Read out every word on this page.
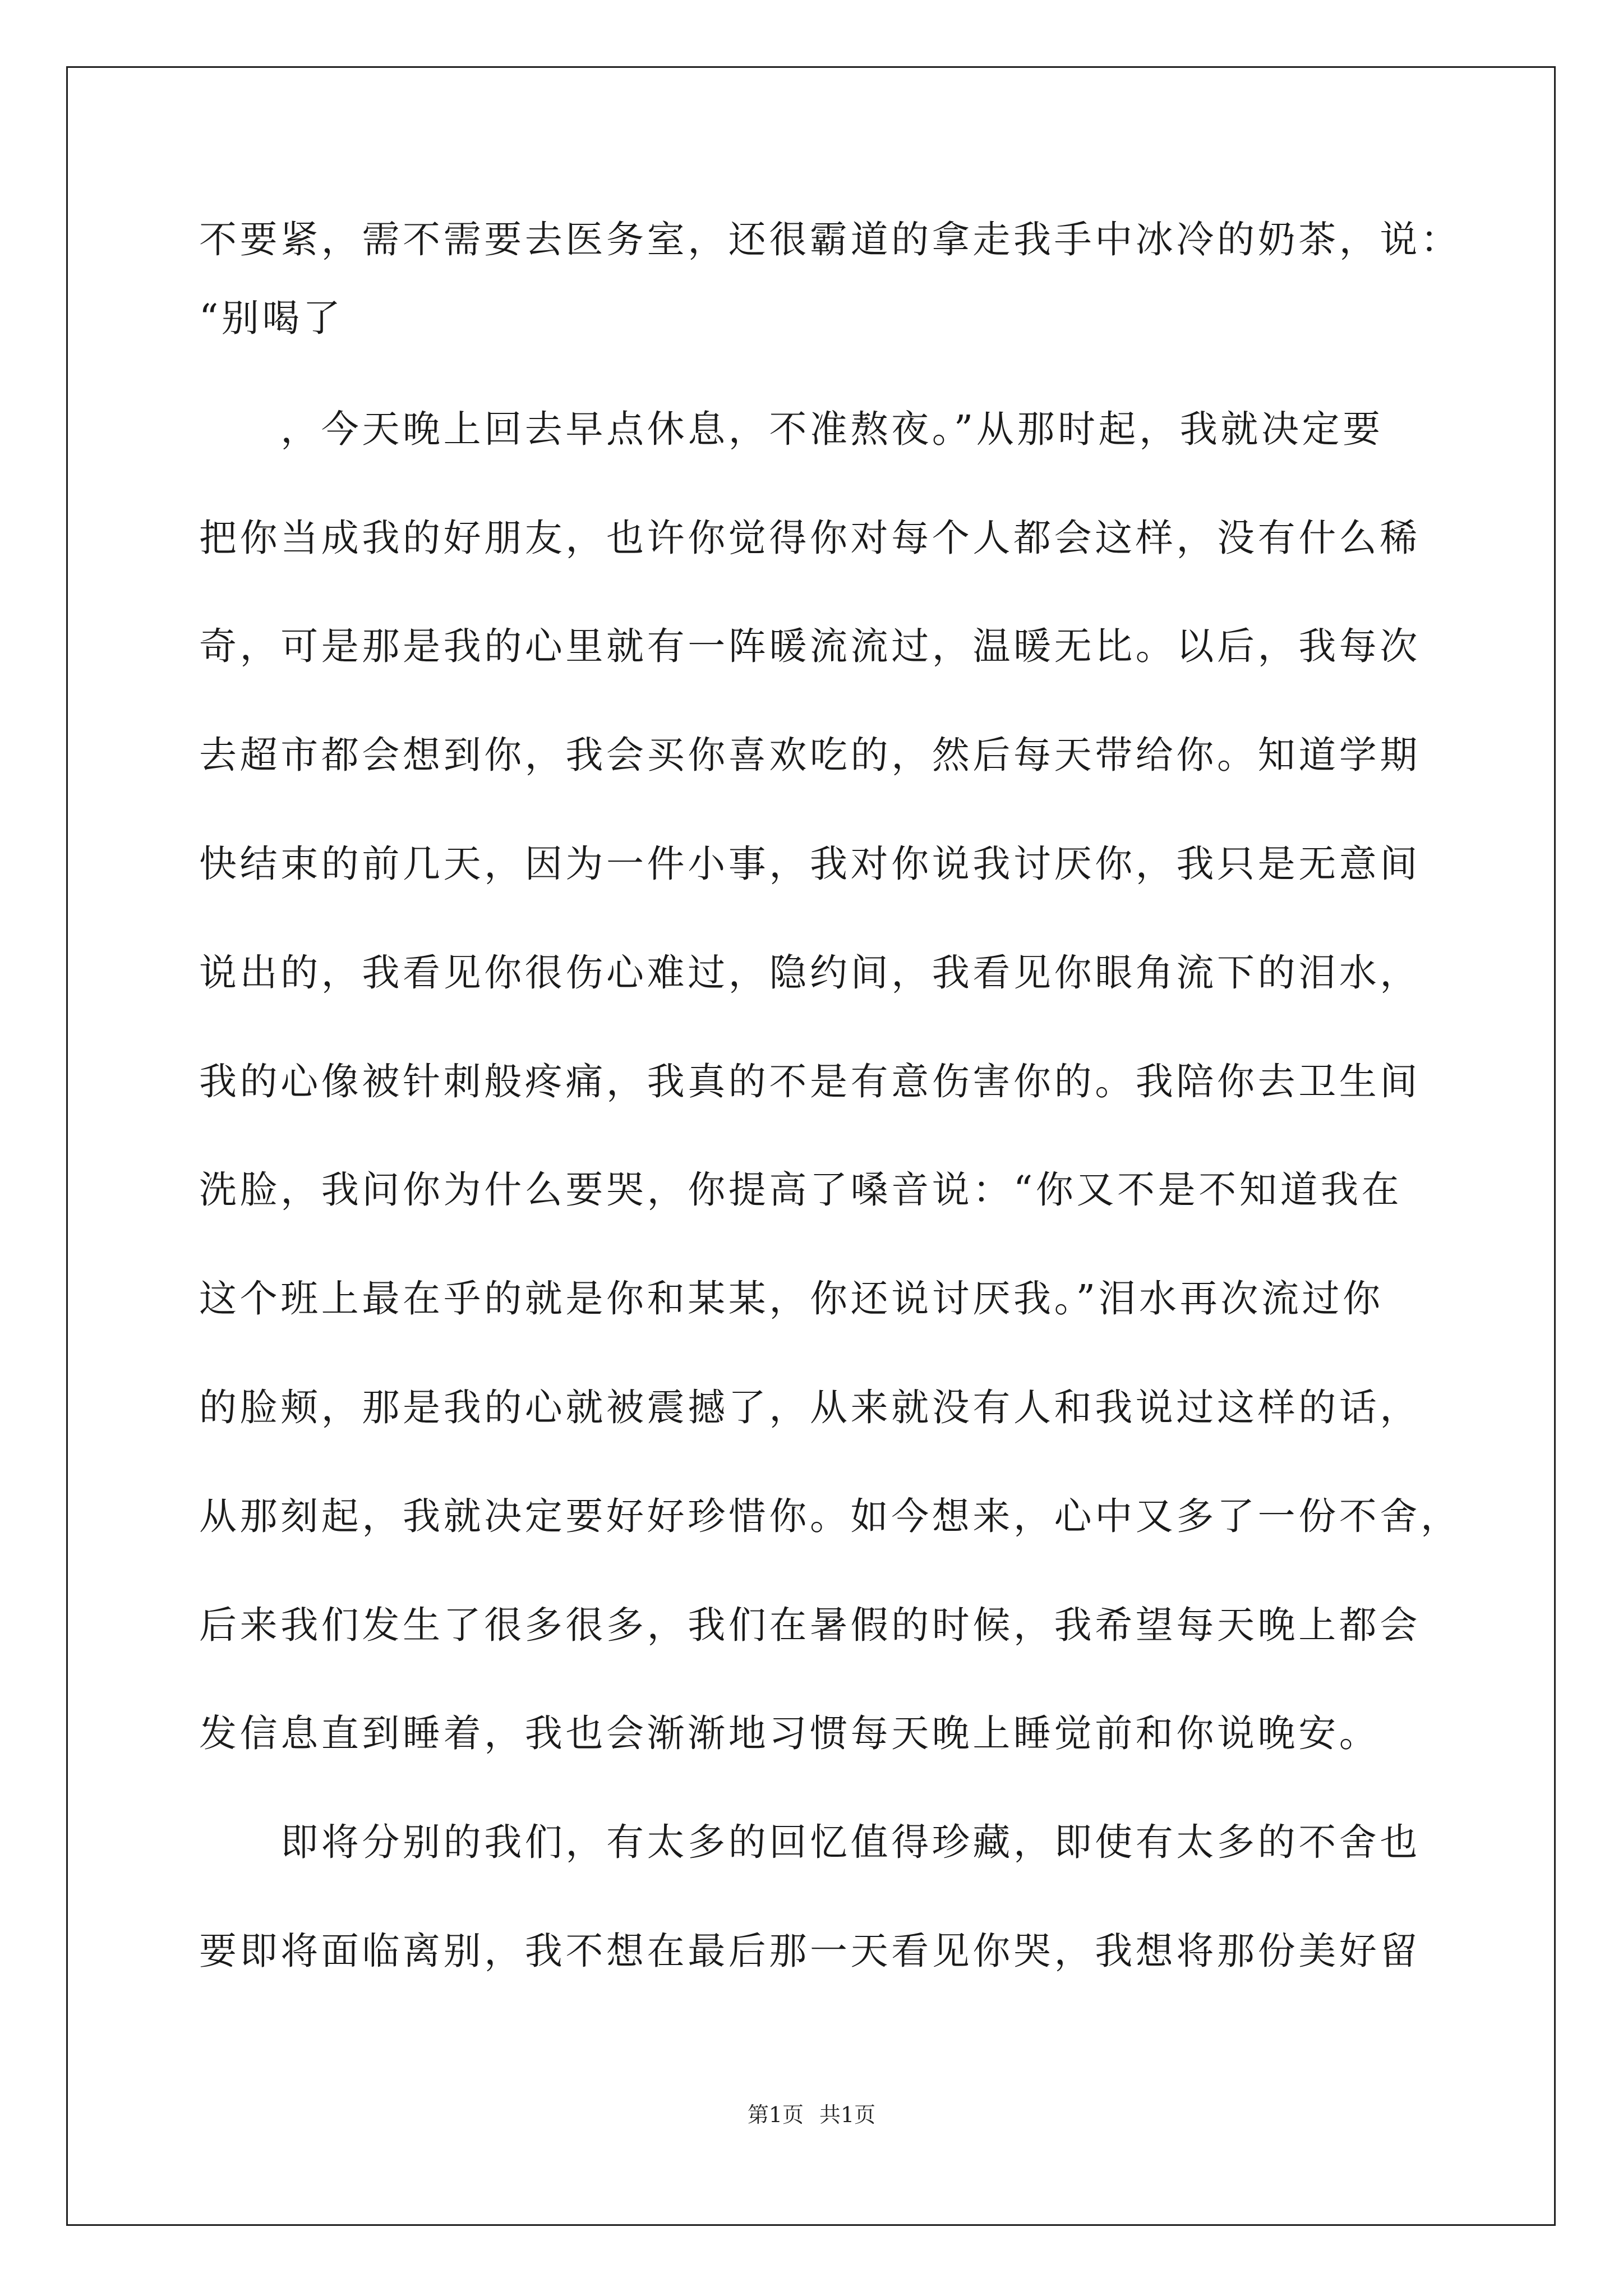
不要紧，需不需要去医务室，还很霸道的拿走我手中冰冷的奶茶，说：
“别喝了
　　，今天晚上回去早点休息，不准熬夜。”从那时起，我就决定要
把你当成我的好朋友，也许你觉得你对每个人都会这样，没有什么稀
奇，可是那是我的心里就有一阵暖流流过，温暖无比。以后，我每次
去超市都会想到你，我会买你喜欢吃的，然后每天带给你。知道学期
快结束的前几天，因为一件小事，我对你说我讨厌你，我只是无意间
说出的，我看见你很伤心难过，隐约间，我看见你眼角流下的泪水，
我的心像被针刺般疼痛，我真的不是有意伤害你的。我陪你去卫生间
洗脸，我问你为什么要哭，你提高了嗓音说：“你又不是不知道我在
这个班上最在乎的就是你和某某，你还说讨厌我。”泪水再次流过你
的脸颊，那是我的心就被震撼了，从来就没有人和我说过这样的话，
从那刻起，我就决定要好好珍惜你。如今想来，心中又多了一份不舍，
后来我们发生了很多很多，我们在暑假的时候，我希望每天晚上都会
发信息直到睡着，我也会渐渐地习惯每天晚上睡觉前和你说晚安。
　　即将分别的我们，有太多的回忆值得珍藏，即使有太多的不舍也
要即将面临离别，我不想在最后那一天看见你哭，我想将那份美好留
第1页 共1页
